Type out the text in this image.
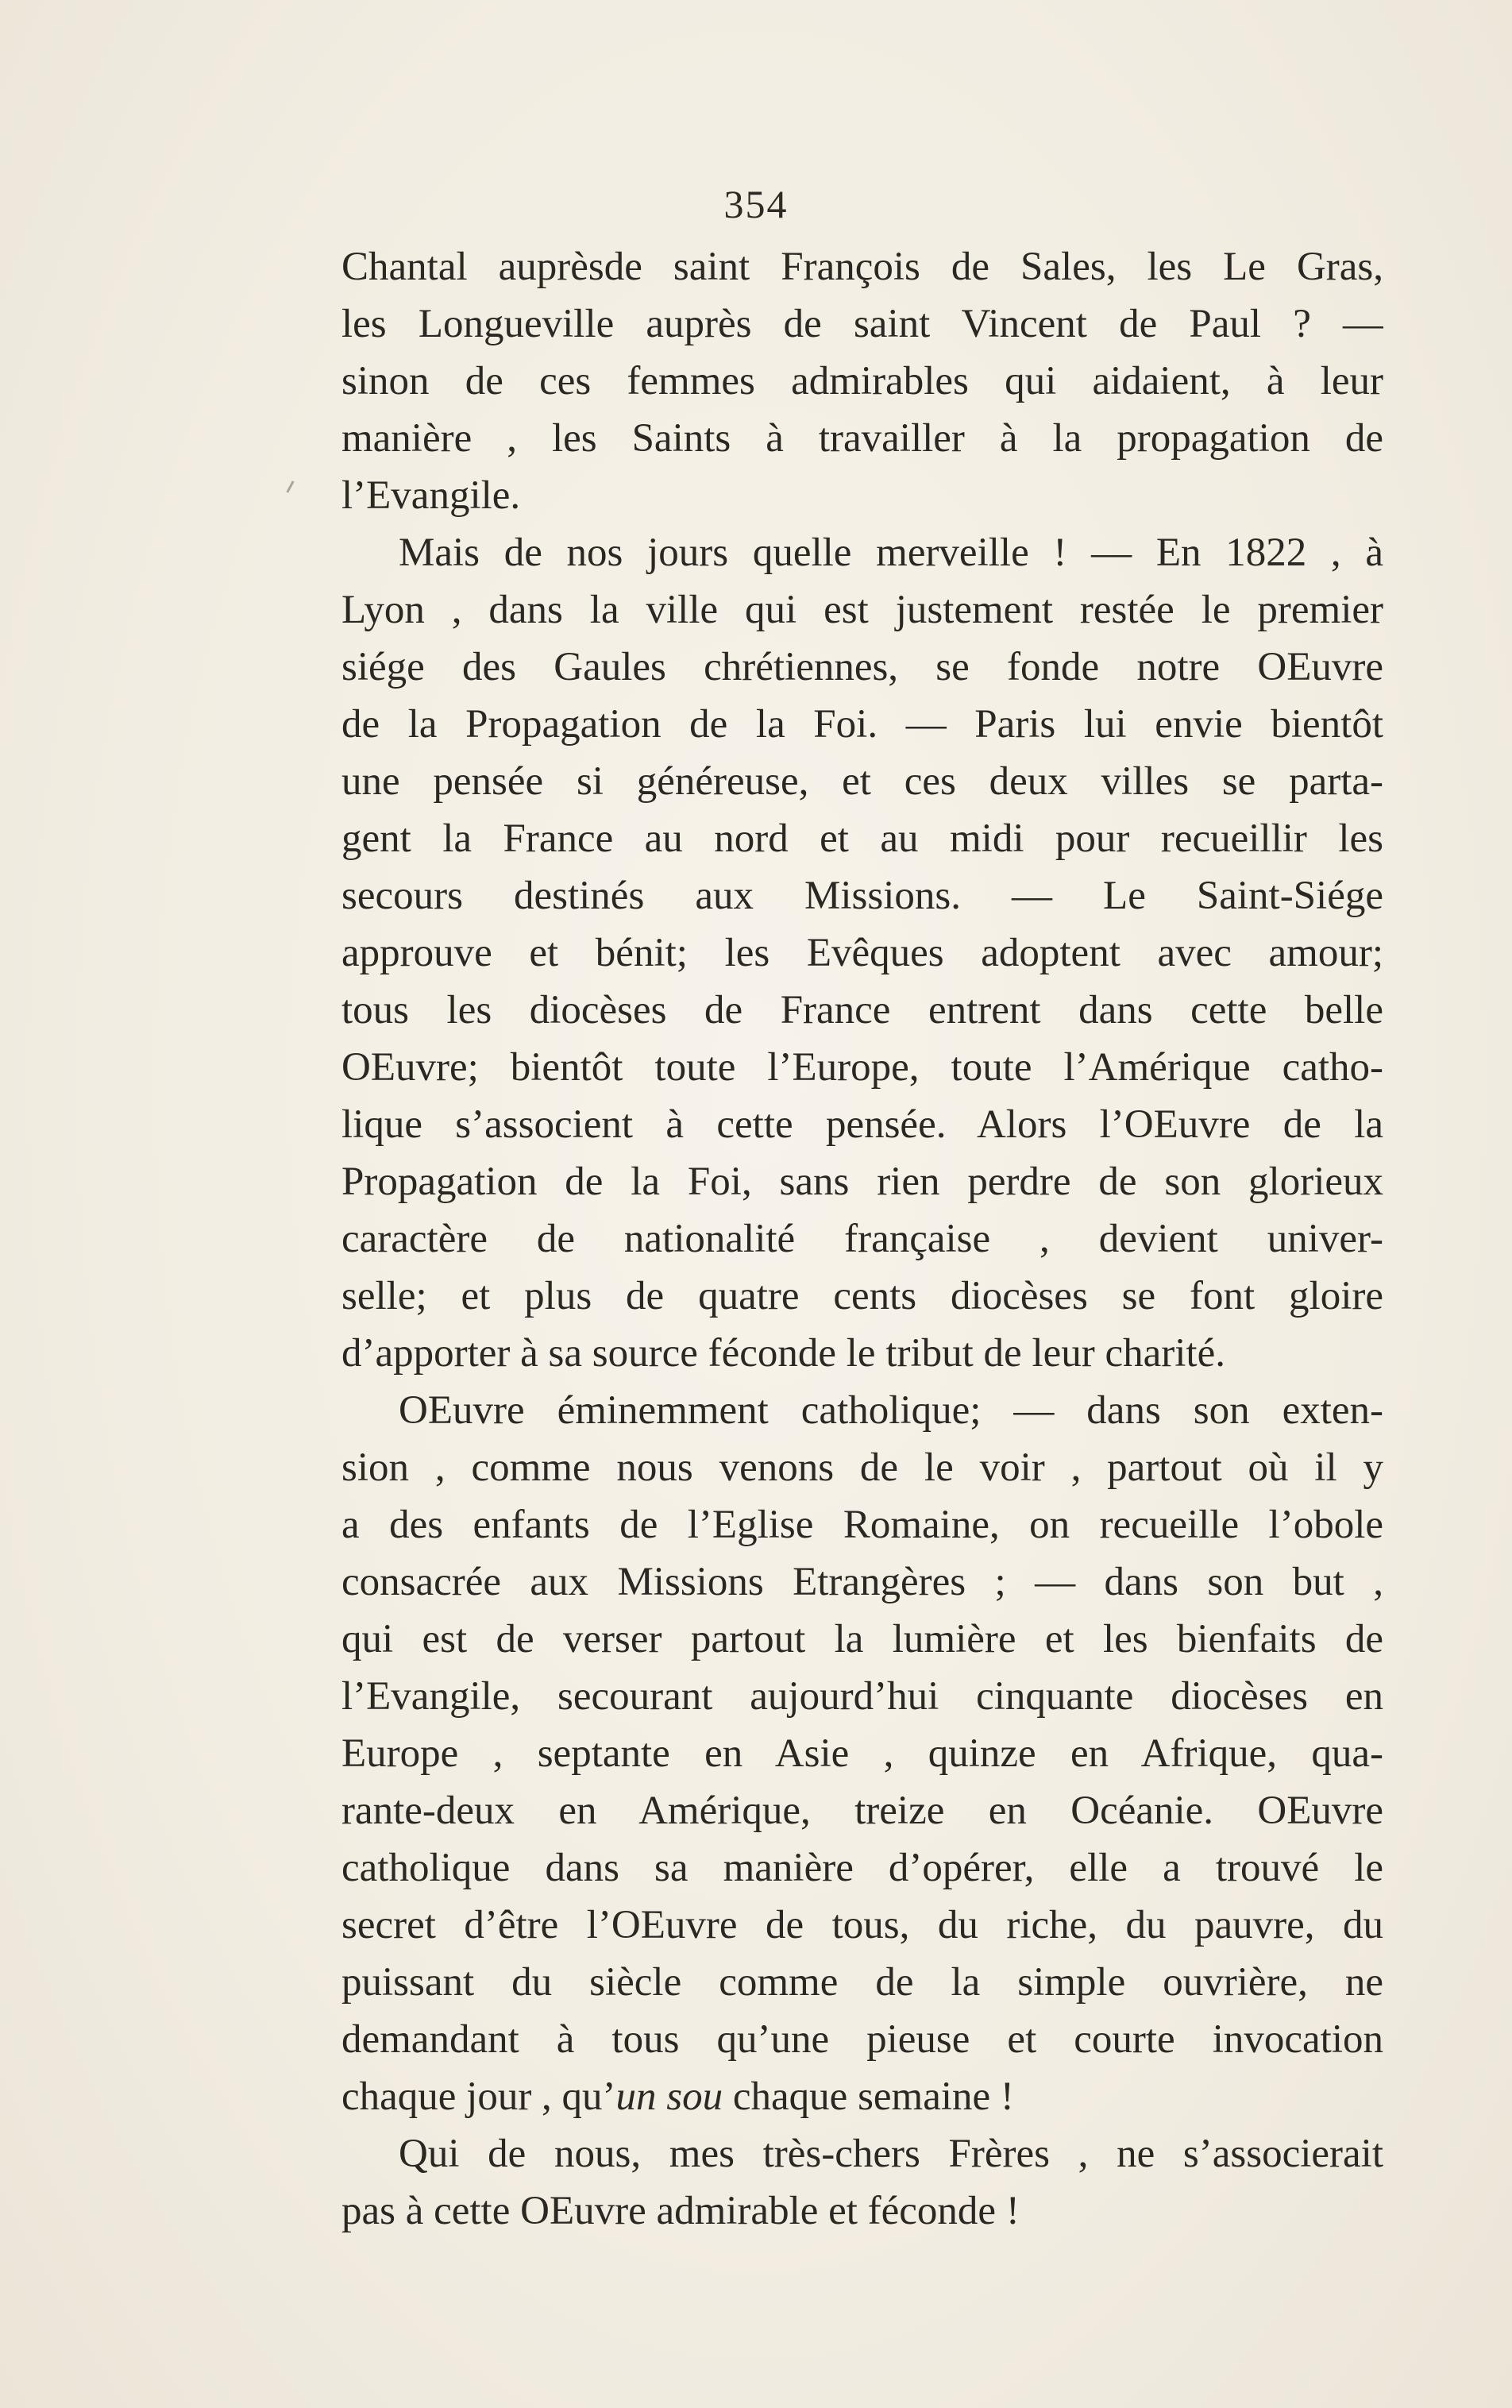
354
Chantal auprèsde saint François de Sales, les Le Gras,
les Longueville auprès de saint Vincent de Paul ? —
sinon de ces femmes admirables qui aidaient, à leur
manière , les Saints à travailler à la propagation de
l’Evangile.
Mais de nos jours quelle merveille ! — En 1822 , à
Lyon , dans la ville qui est justement restée le premier
siége des Gaules chrétiennes, se fonde notre OEuvre
de la Propagation de la Foi. — Paris lui envie bientôt
une pensée si généreuse, et ces deux villes se parta-
gent la France au nord et au midi pour recueillir les
secours destinés aux Missions. — Le Saint-Siége
approuve et bénit; les Evêques adoptent avec amour;
tous les diocèses de France entrent dans cette belle
OEuvre; bientôt toute l’Europe, toute l’Amérique catho-
lique s’associent à cette pensée. Alors l’OEuvre de la
Propagation de la Foi, sans rien perdre de son glorieux
caractère de nationalité française , devient univer-
selle; et plus de quatre cents diocèses se font gloire
d’apporter à sa source féconde le tribut de leur charité.
OEuvre éminemment catholique; — dans son exten-
sion , comme nous venons de le voir , partout où il y
a des enfants de l’Eglise Romaine, on recueille l’obole
consacrée aux Missions Etrangères ; — dans son but ,
qui est de verser partout la lumière et les bienfaits de
l’Evangile, secourant aujourd’hui cinquante diocèses en
Europe , septante en Asie , quinze en Afrique, qua-
rante-deux en Amérique, treize en Océanie. OEuvre
catholique dans sa manière d’opérer, elle a trouvé le
secret d’être l’OEuvre de tous, du riche, du pauvre, du
puissant du siècle comme de la simple ouvrière, ne
demandant à tous qu’une pieuse et courte invocation
chaque jour , qu’un sou chaque semaine !
Qui de nous, mes très-chers Frères , ne s’associerait
pas à cette OEuvre admirable et féconde !
